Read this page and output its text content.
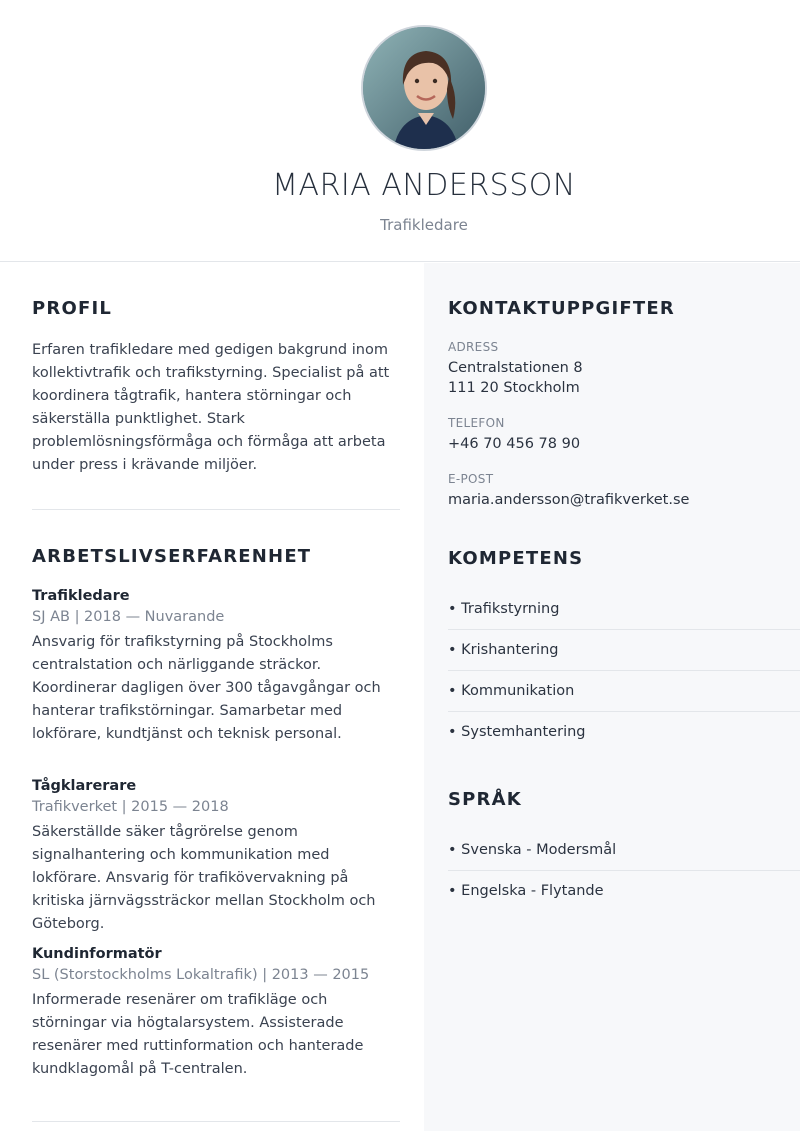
MARIA ANDERSSON
Trafikledare
PROFIL
Erfaren trafikledare med gedigen bakgrund inom kollektivtrafik och trafikstyrning. Specialist på att koordinera tågtrafik, hantera störningar och säkerställa punktlighet. Stark problemlösningsförmåga och förmåga att arbeta under press i krävande miljöer.
ARBETSLIVSERFARENHET
Trafikledare
SJ AB | 2018 — Nuvarande
Ansvarig för trafikstyrning på Stockholms centralstation och närliggande sträckor. Koordinerar dagligen över 300 tågavgångar och hanterar trafikstörningar. Samarbetar med lokförare, kundtjänst och teknisk personal.
Tågklarerare
Trafikverket | 2015 — 2018
Säkerställde säker tågrörelse genom signalhantering och kommunikation med lokförare. Ansvarig för trafikövervakning på kritiska järnvägssträckor mellan Stockholm och Göteborg.
Kundinformatör
SL (Storstockholms Lokaltrafik) | 2013 — 2015
Informerade resenärer om trafikläge och störningar via högtalarsystem. Assisterade resenärer med ruttinformation och hanterade kundklagomål på T-centralen.
KONTAKTUPPGIFTER
ADRESS
Centralstationen 8
111 20 Stockholm
TELEFON
+46 70 456 78 90
E-POST
maria.andersson@trafikverket.se
KOMPETENS
• Trafikstyrning
• Krishantering
• Kommunikation
• Systemhantering
SPRÅK
• Svenska - Modersmål
• Engelska - Flytande
